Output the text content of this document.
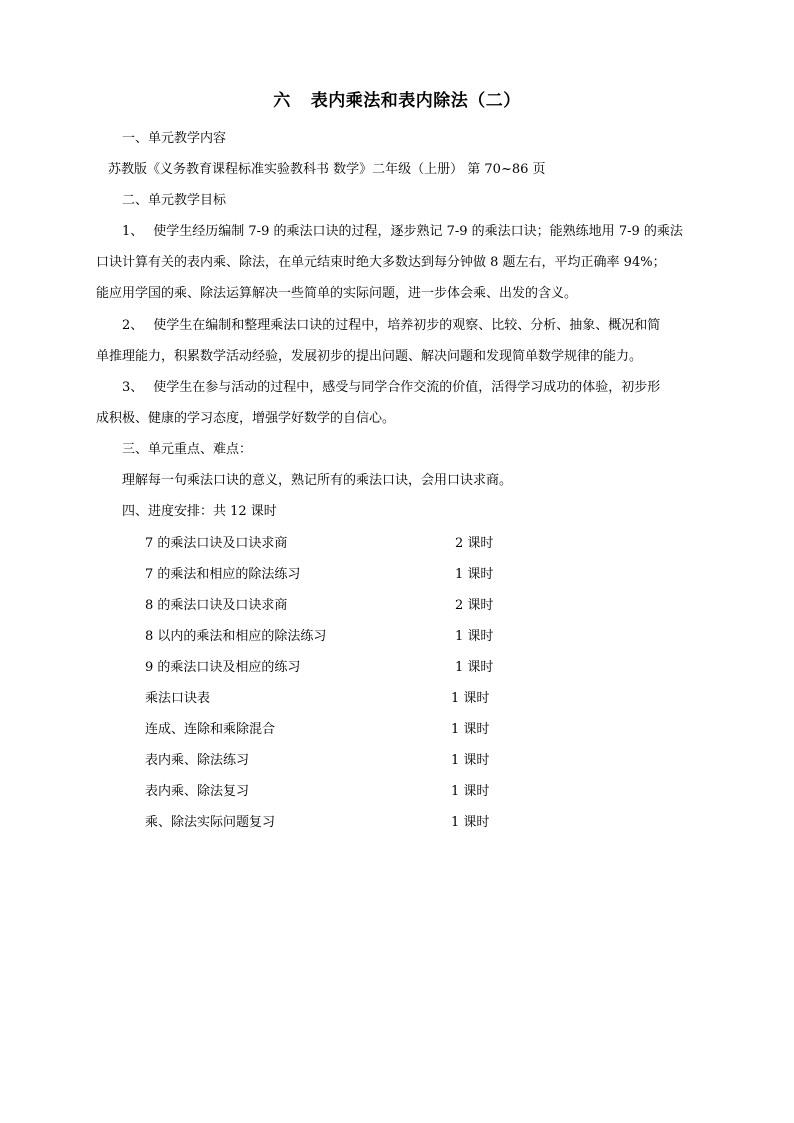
六 表内乘法和表内除法（二）
一、单元教学内容
苏教版《义务教育课程标准实验教科书 数学》二年级（上册） 第 70~86 页
二、单元教学目标
1、 使学生经历编制 7-9 的乘法口诀的过程，逐步熟记 7-9 的乘法口诀；能熟练地用 7-9 的乘法
口诀计算有关的表内乘、除法，在单元结束时绝大多数达到每分钟做 8 题左右，平均正确率 94%；
能应用学国的乘、除法运算解决一些简单的实际问题，进一步体会乘、出发的含义。
2、 使学生在编制和整理乘法口诀的过程中，培养初步的观察、比较、分析、抽象、概况和简
单推理能力，积累数学活动经验，发展初步的提出问题、解决问题和发现简单数学规律的能力。
3、 使学生在参与活动的过程中，感受与同学合作交流的价值，活得学习成功的体验，初步形
成积极、健康的学习态度，增强学好数学的自信心。
三、单元重点、难点：
理解每一句乘法口诀的意义，熟记所有的乘法口诀，会用口诀求商。
四、进度安排：共 12 课时
7 的乘法口诀及口诀求商	2 课时
7 的乘法和相应的除法练习	1 课时
8 的乘法口诀及口诀求商	2 课时
8 以内的乘法和相应的除法练习	1 课时
9 的乘法口诀及相应的练习	1 课时
乘法口诀表	1 课时
连成、连除和乘除混合	1 课时
表内乘、除法练习	1 课时
表内乘、除法复习	1 课时
乘、除法实际问题复习	1 课时
